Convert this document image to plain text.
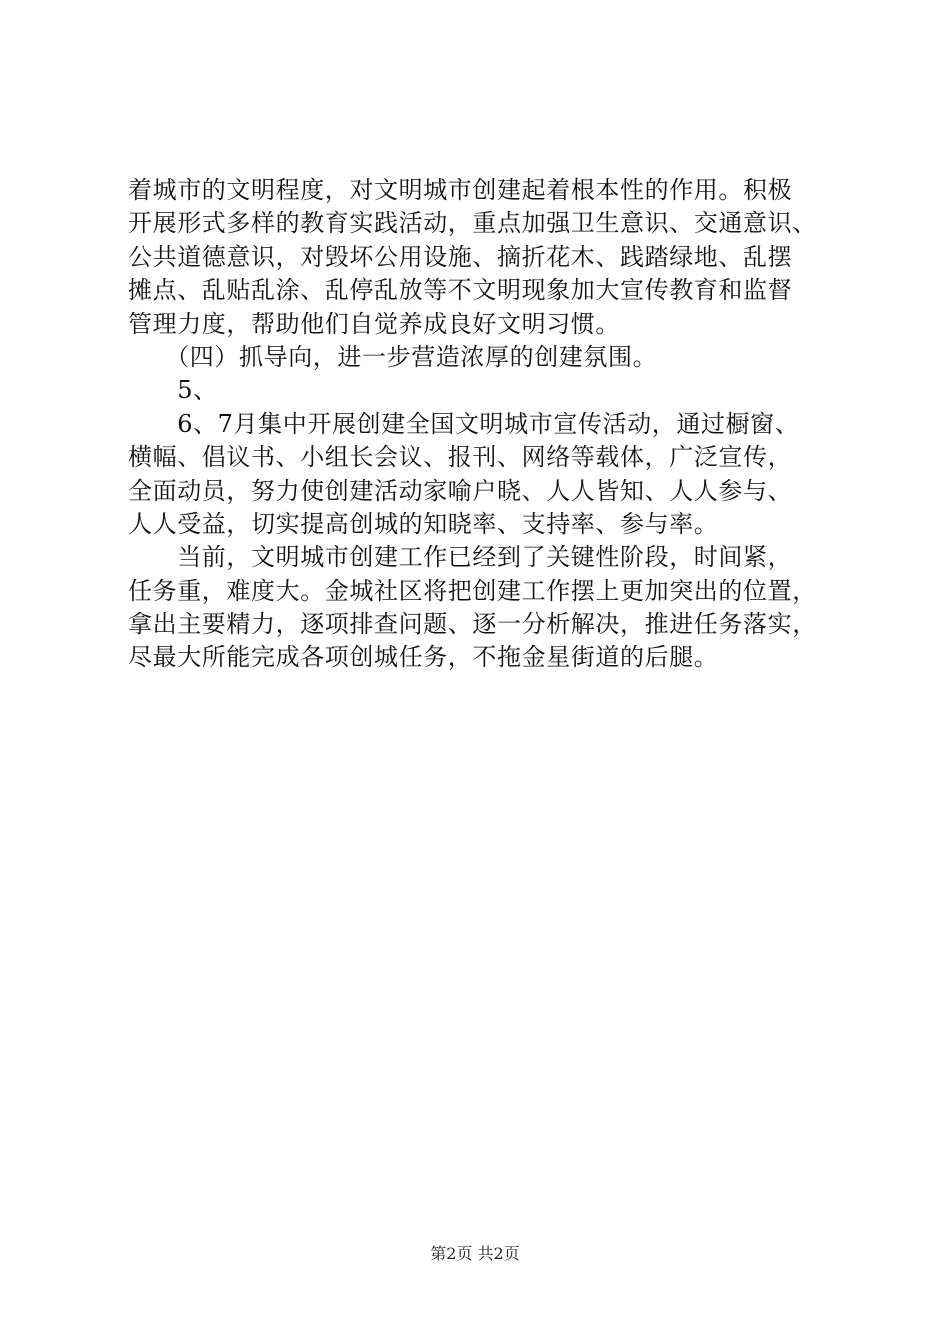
着城市的文明程度，对文明城市创建起着根本性的作用。积极
开展形式多样的教育实践活动，重点加强卫生意识、交通意识、
公共道德意识，对毁坏公用设施、摘折花木、践踏绿地、乱摆
摊点、乱贴乱涂、乱停乱放等不文明现象加大宣传教育和监督
管理力度，帮助他们自觉养成良好文明习惯。
　　（四）抓导向，进一步营造浓厚的创建氛围。
　　5、
　　6、7月集中开展创建全国文明城市宣传活动，通过橱窗、
横幅、倡议书、小组长会议、报刊、网络等载体，广泛宣传，
全面动员，努力使创建活动家喻户晓、人人皆知、人人参与、
人人受益，切实提高创城的知晓率、支持率、参与率。
　　当前，文明城市创建工作已经到了关键性阶段，时间紧，
任务重，难度大。金城社区将把创建工作摆上更加突出的位置，
拿出主要精力，逐项排查问题、逐一分析解决，推进任务落实，
尽最大所能完成各项创城任务，不拖金星街道的后腿。
第2页 共2页
